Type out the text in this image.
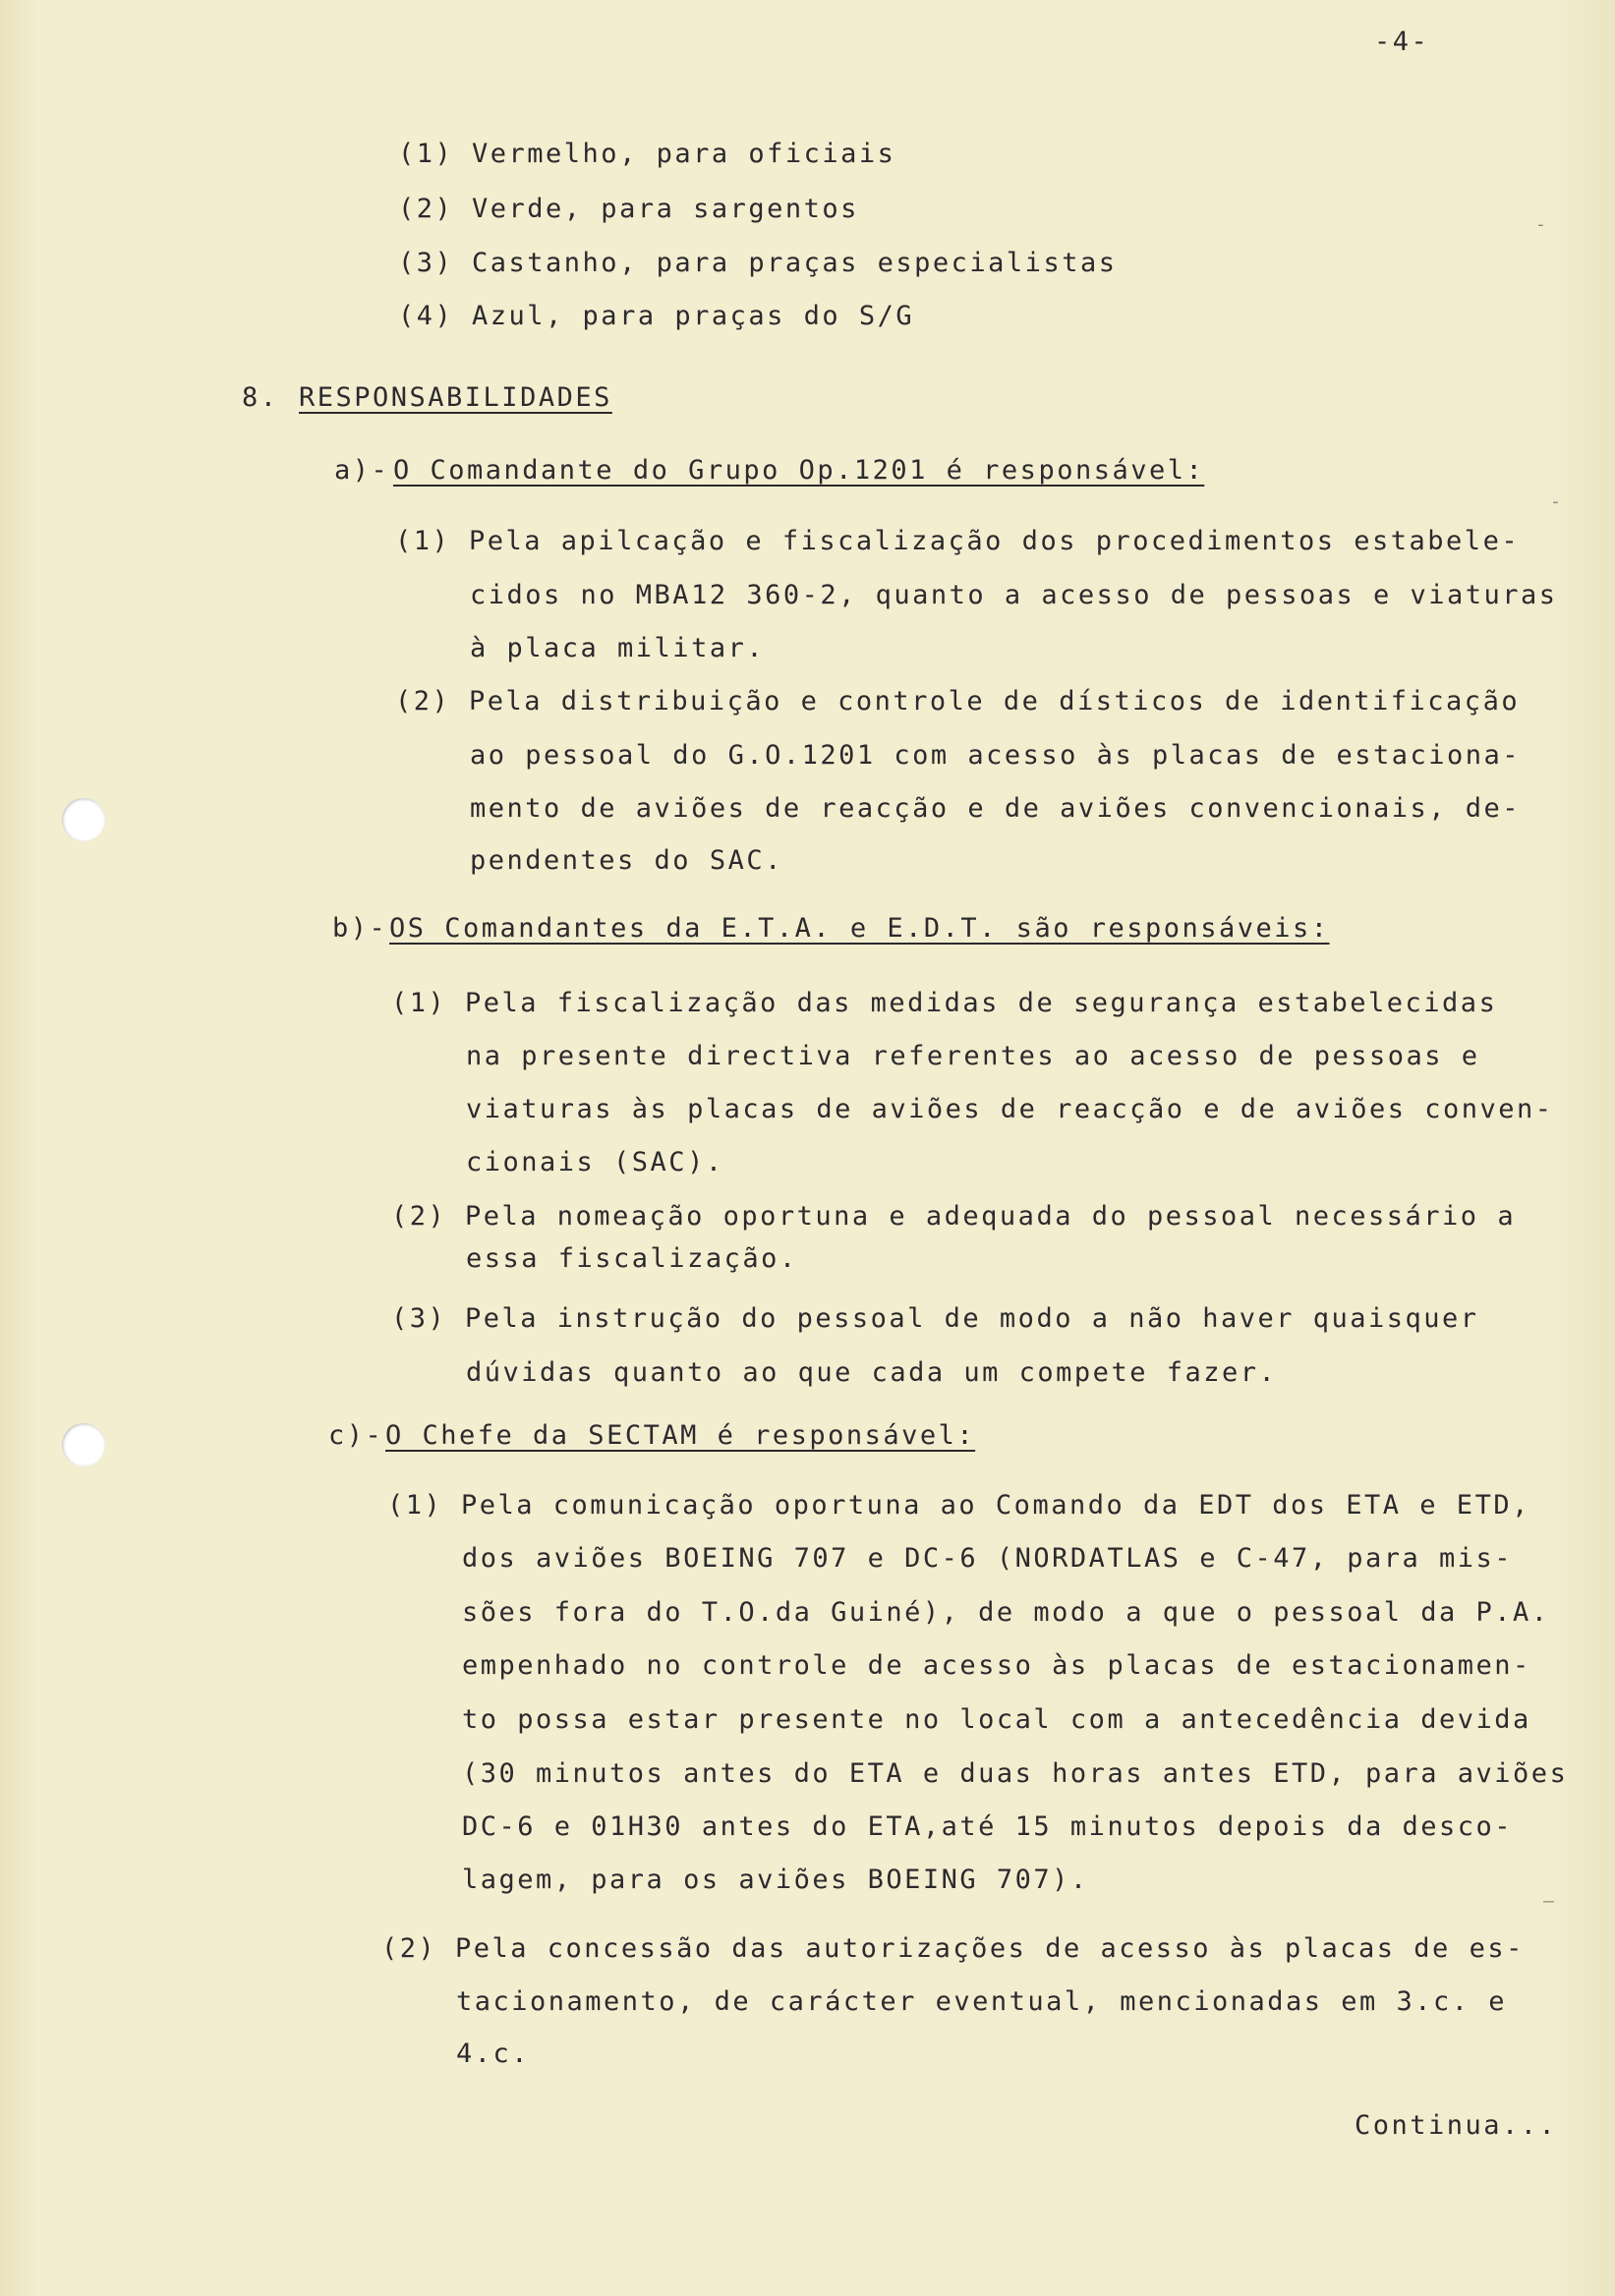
-4-
(1) Vermelho, para oficiais
(2) Verde, para sargentos
(3) Castanho, para praças especialistas
(4) Azul, para praças do S/G
8. RESPONSABILIDADES
a)- O Comandante do Grupo Op.1201 é responsável:
(1) Pela apilcação e fiscalização dos procedimentos estabele-
cidos no MBA12 360-2, quanto a acesso de pessoas e viaturas
à placa militar.
(2) Pela distribuição e controle de dísticos de identificação
ao pessoal do G.O.1201 com acesso às placas de estaciona-
mento de aviões de reacção e de aviões convencionais, de-
pendentes do SAC.
b)- OS Comandantes da E.T.A. e E.D.T. são responsáveis:
(1) Pela fiscalização das medidas de segurança estabelecidas
na presente directiva referentes ao acesso de pessoas e
viaturas às placas de aviões de reacção e de aviões conven-
cionais (SAC).
(2) Pela nomeação oportuna e adequada do pessoal necessário a
essa fiscalização.
(3) Pela instrução do pessoal de modo a não haver quaisquer
dúvidas quanto ao que cada um compete fazer.
c)- O Chefe da SECTAM é responsável:
(1) Pela comunicação oportuna ao Comando da EDT dos ETA e ETD,
dos aviões BOEING 707 e DC-6 (NORDATLAS e C-47, para mis-
sões fora do T.O.da Guiné), de modo a que o pessoal da P.A.
empenhado no controle de acesso às placas de estacionamen-
to possa estar presente no local com a antecedência devida
(30 minutos antes do ETA e duas horas antes ETD, para aviões
DC-6 e 01H30 antes do ETA,até 15 minutos depois da desco-
lagem, para os aviões BOEING 707).
(2) Pela concessão das autorizações de acesso às placas de es-
tacionamento, de carácter eventual, mencionadas em 3.c. e
4.c.
Continua...
-
-
—
